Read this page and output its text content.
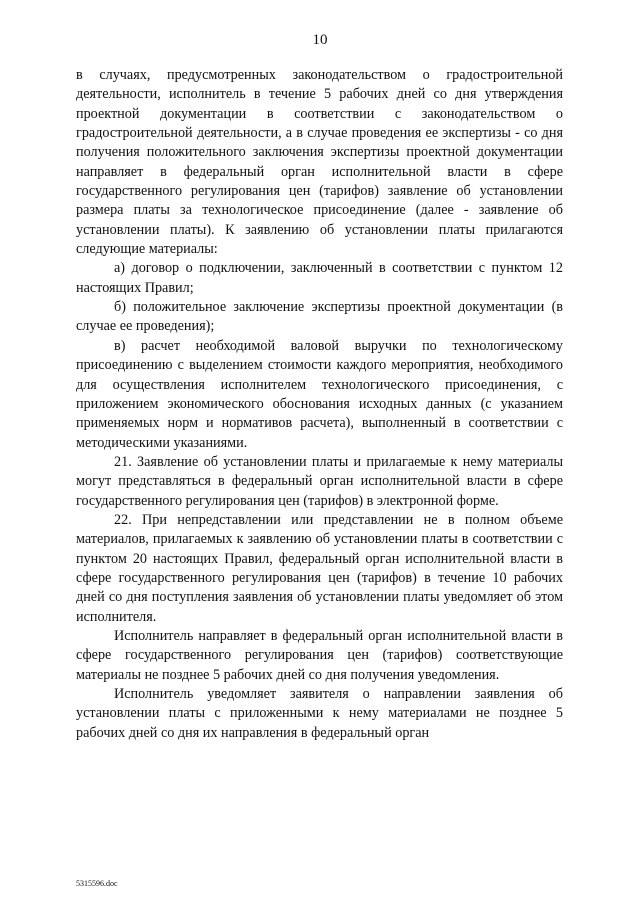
10

в случаях, предусмотренных законодательством о градостроительной деятельности, исполнитель в течение 5 рабочих дней со дня утверждения проектной документации в соответствии с законодательством о градостроительной деятельности, а в случае проведения ее экспертизы - со дня получения положительного заключения экспертизы проектной документации направляет в федеральный орган исполнительной власти в сфере государственного регулирования цен (тарифов) заявление об установлении размера платы за технологическое присоединение (далее - заявление об установлении платы). К заявлению об установлении платы прилагаются следующие материалы:

а) договор о подключении, заключенный в соответствии с пунктом 12 настоящих Правил;

б) положительное заключение экспертизы проектной документации (в случае ее проведения);

в) расчет необходимой валовой выручки по технологическому присоединению с выделением стоимости каждого мероприятия, необходимого для осуществления исполнителем технологического присоединения, с приложением экономического обоснования исходных данных (с указанием применяемых норм и нормативов расчета), выполненный в соответствии с методическими указаниями.

21. Заявление об установлении платы и прилагаемые к нему материалы могут представляться в федеральный орган исполнительной власти в сфере государственного регулирования цен (тарифов) в электронной форме.

22. При непредставлении или представлении не в полном объеме материалов, прилагаемых к заявлению об установлении платы в соответствии с пунктом 20 настоящих Правил, федеральный орган исполнительной власти в сфере государственного регулирования цен (тарифов) в течение 10 рабочих дней со дня поступления заявления об установлении платы уведомляет об этом исполнителя.

Исполнитель направляет в федеральный орган исполнительной власти в сфере государственного регулирования цен (тарифов) соответствующие материалы не позднее 5 рабочих дней со дня получения уведомления.

Исполнитель уведомляет заявителя о направлении заявления об установлении платы с приложенными к нему материалами не позднее 5 рабочих дней со дня их направления в федеральный орган

5315596.doc
